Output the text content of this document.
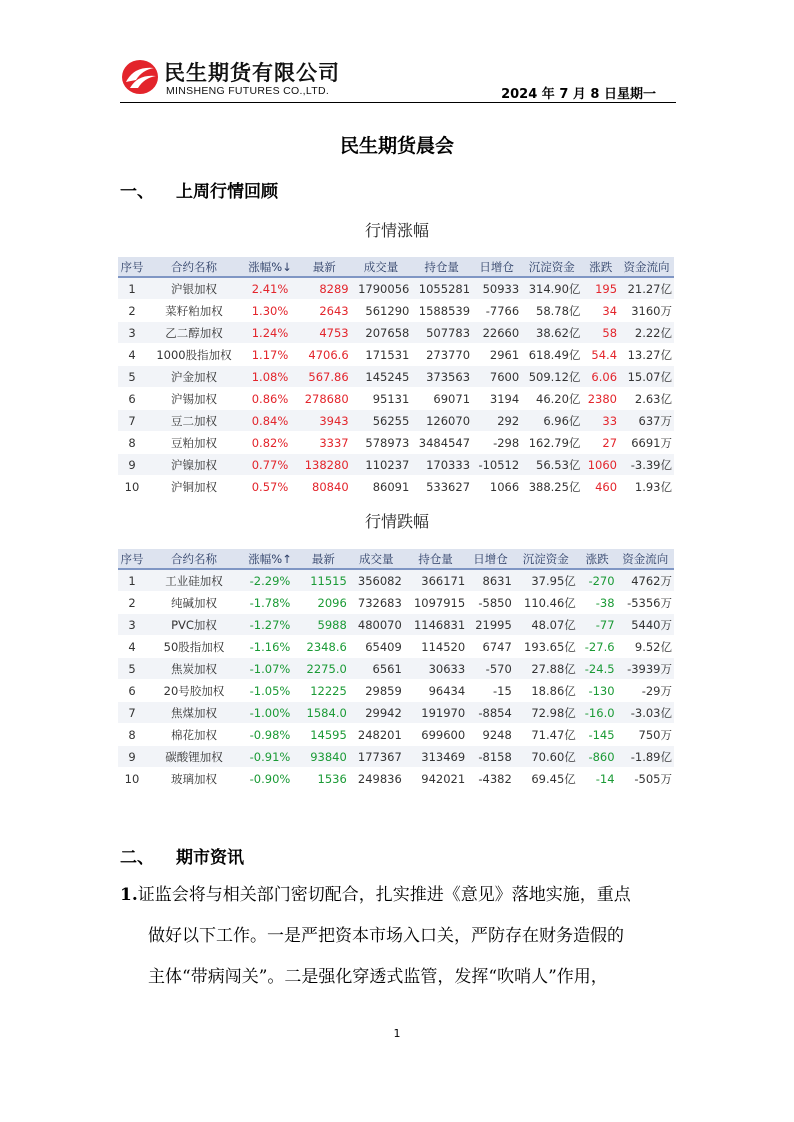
民生期货有限公司
MINSHENG FUTURES CO.,LTD.	2024 年 7 月 8 日星期一
民生期货晨会
一、 上周行情回顾
行情涨幅
序号	合约名称	涨幅%↓	最新	成交量	持仓量	日增仓	沉淀资金	涨跌	资金流向
1	沪银加权	2.41%	8289	1790056	1055281	50933	314.90亿	195	21.27亿
2	菜籽粕加权	1.30%	2643	561290	1588539	-7766	58.78亿	34	3160万
3	乙二醇加权	1.24%	4753	207658	507783	22660	38.62亿	58	2.22亿
4	1000股指加权	1.17%	4706.6	171531	273770	2961	618.49亿	54.4	13.27亿
5	沪金加权	1.08%	567.86	145245	373563	7600	509.12亿	6.06	15.07亿
6	沪锡加权	0.86%	278680	95131	69071	3194	46.20亿	2380	2.63亿
7	豆二加权	0.84%	3943	56255	126070	292	6.96亿	33	637万
8	豆粕加权	0.82%	3337	578973	3484547	-298	162.79亿	27	6691万
9	沪镍加权	0.77%	138280	110237	170333	-10512	56.53亿	1060	-3.39亿
10	沪铜加权	0.57%	80840	86091	533627	1066	388.25亿	460	1.93亿
行情跌幅
序号	合约名称	涨幅%↑	最新	成交量	持仓量	日增仓	沉淀资金	涨跌	资金流向
1	工业硅加权	-2.29%	11515	356082	366171	8631	37.95亿	-270	4762万
2	纯碱加权	-1.78%	2096	732683	1097915	-5850	110.46亿	-38	-5356万
3	PVC加权	-1.27%	5988	480070	1146831	21995	48.07亿	-77	5440万
4	50股指加权	-1.16%	2348.6	65409	114520	6747	193.65亿	-27.6	9.52亿
5	焦炭加权	-1.07%	2275.0	6561	30633	-570	27.88亿	-24.5	-3939万
6	20号胶加权	-1.05%	12225	29859	96434	-15	18.86亿	-130	-29万
7	焦煤加权	-1.00%	1584.0	29942	191970	-8854	72.98亿	-16.0	-3.03亿
8	棉花加权	-0.98%	14595	248201	699600	9248	71.47亿	-145	750万
9	碳酸锂加权	-0.91%	93840	177367	313469	-8158	70.60亿	-860	-1.89亿
10	玻璃加权	-0.90%	1536	249836	942021	-4382	69.45亿	-14	-505万
二、 期市资讯
1.证监会将与相关部门密切配合，扎实推进《意见》落地实施，重点
做好以下工作。一是严把资本市场入口关，严防存在财务造假的
主体“带病闯关”。二是强化穿透式监管，发挥“吹哨人”作用，
1
